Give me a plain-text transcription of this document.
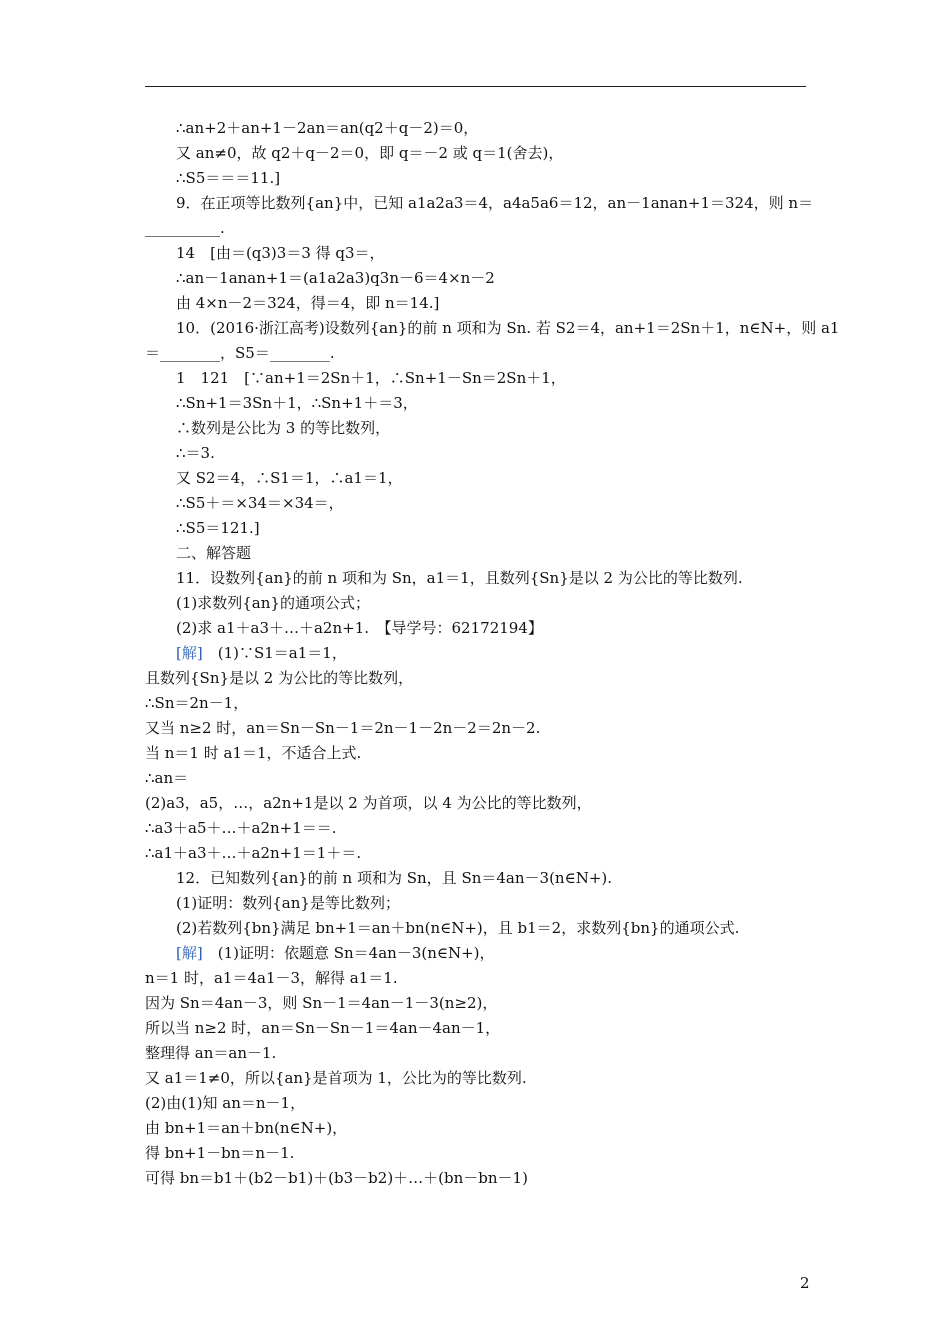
∴an+2＋an+1－2an＝an(q2＋q－2)＝0，
又 an≠0，故 q2＋q－2＝0，即 q＝－2 或 q＝1(舍去)，
∴S5＝＝＝11.]
9．在正项等比数列{an}中，已知 a1a2a3＝4，a4a5a6＝12，an－1anan+1＝324，则 n＝
__________.
14　[由＝(q3)3＝3 得 q3＝，
∴an－1anan+1＝(a1a2a3)q3n－6＝4×n－2
由 4×n－2＝324，得＝4，即 n＝14.]
10．(2016·浙江高考)设数列{an}的前 n 项和为 Sn. 若 S2＝4，an+1＝2Sn＋1，n∈N+，则 a1
＝________，S5＝________.
1　121　[∵an+1＝2Sn＋1，∴Sn+1－Sn＝2Sn＋1，
∴Sn+1＝3Sn＋1，∴Sn+1＋＝3，
∴数列是公比为 3 的等比数列，
∴＝3.
又 S2＝4，∴S1＝1，∴a1＝1，
∴S5＋＝×34＝×34＝，
∴S5＝121.]
二、解答题
11．设数列{an}的前 n 项和为 Sn，a1＝1，且数列{Sn}是以 2 为公比的等比数列.
(1)求数列{an}的通项公式；
(2)求 a1＋a3＋…＋a2n+1.　【导学号：62172194】
[解]　(1)∵S1＝a1＝1，
且数列{Sn}是以 2 为公比的等比数列，
∴Sn＝2n－1，
又当 n≥2 时，an＝Sn－Sn－1＝2n－1－2n－2＝2n－2.
当 n＝1 时 a1＝1，不适合上式.
∴an＝
(2)a3，a5，…，a2n+1是以 2 为首项，以 4 为公比的等比数列，
∴a3＋a5＋…＋a2n+1＝＝.
∴a1＋a3＋…＋a2n+1＝1＋＝.
12．已知数列{an}的前 n 项和为 Sn，且 Sn＝4an－3(n∈N+).
(1)证明：数列{an}是等比数列；
(2)若数列{bn}满足 bn+1＝an＋bn(n∈N+)，且 b1＝2，求数列{bn}的通项公式.
[解]　(1)证明：依题意 Sn＝4an－3(n∈N+)，
n＝1 时，a1＝4a1－3，解得 a1＝1.
因为 Sn＝4an－3，则 Sn－1＝4an－1－3(n≥2)，
所以当 n≥2 时，an＝Sn－Sn－1＝4an－4an－1，
整理得 an＝an－1.
又 a1＝1≠0，所以{an}是首项为 1，公比为的等比数列.
(2)由(1)知 an＝n－1，
由 bn+1＝an＋bn(n∈N+)，
得 bn+1－bn＝n－1.
可得 bn＝b1＋(b2－b1)＋(b3－b2)＋…＋(bn－bn－1)
2
